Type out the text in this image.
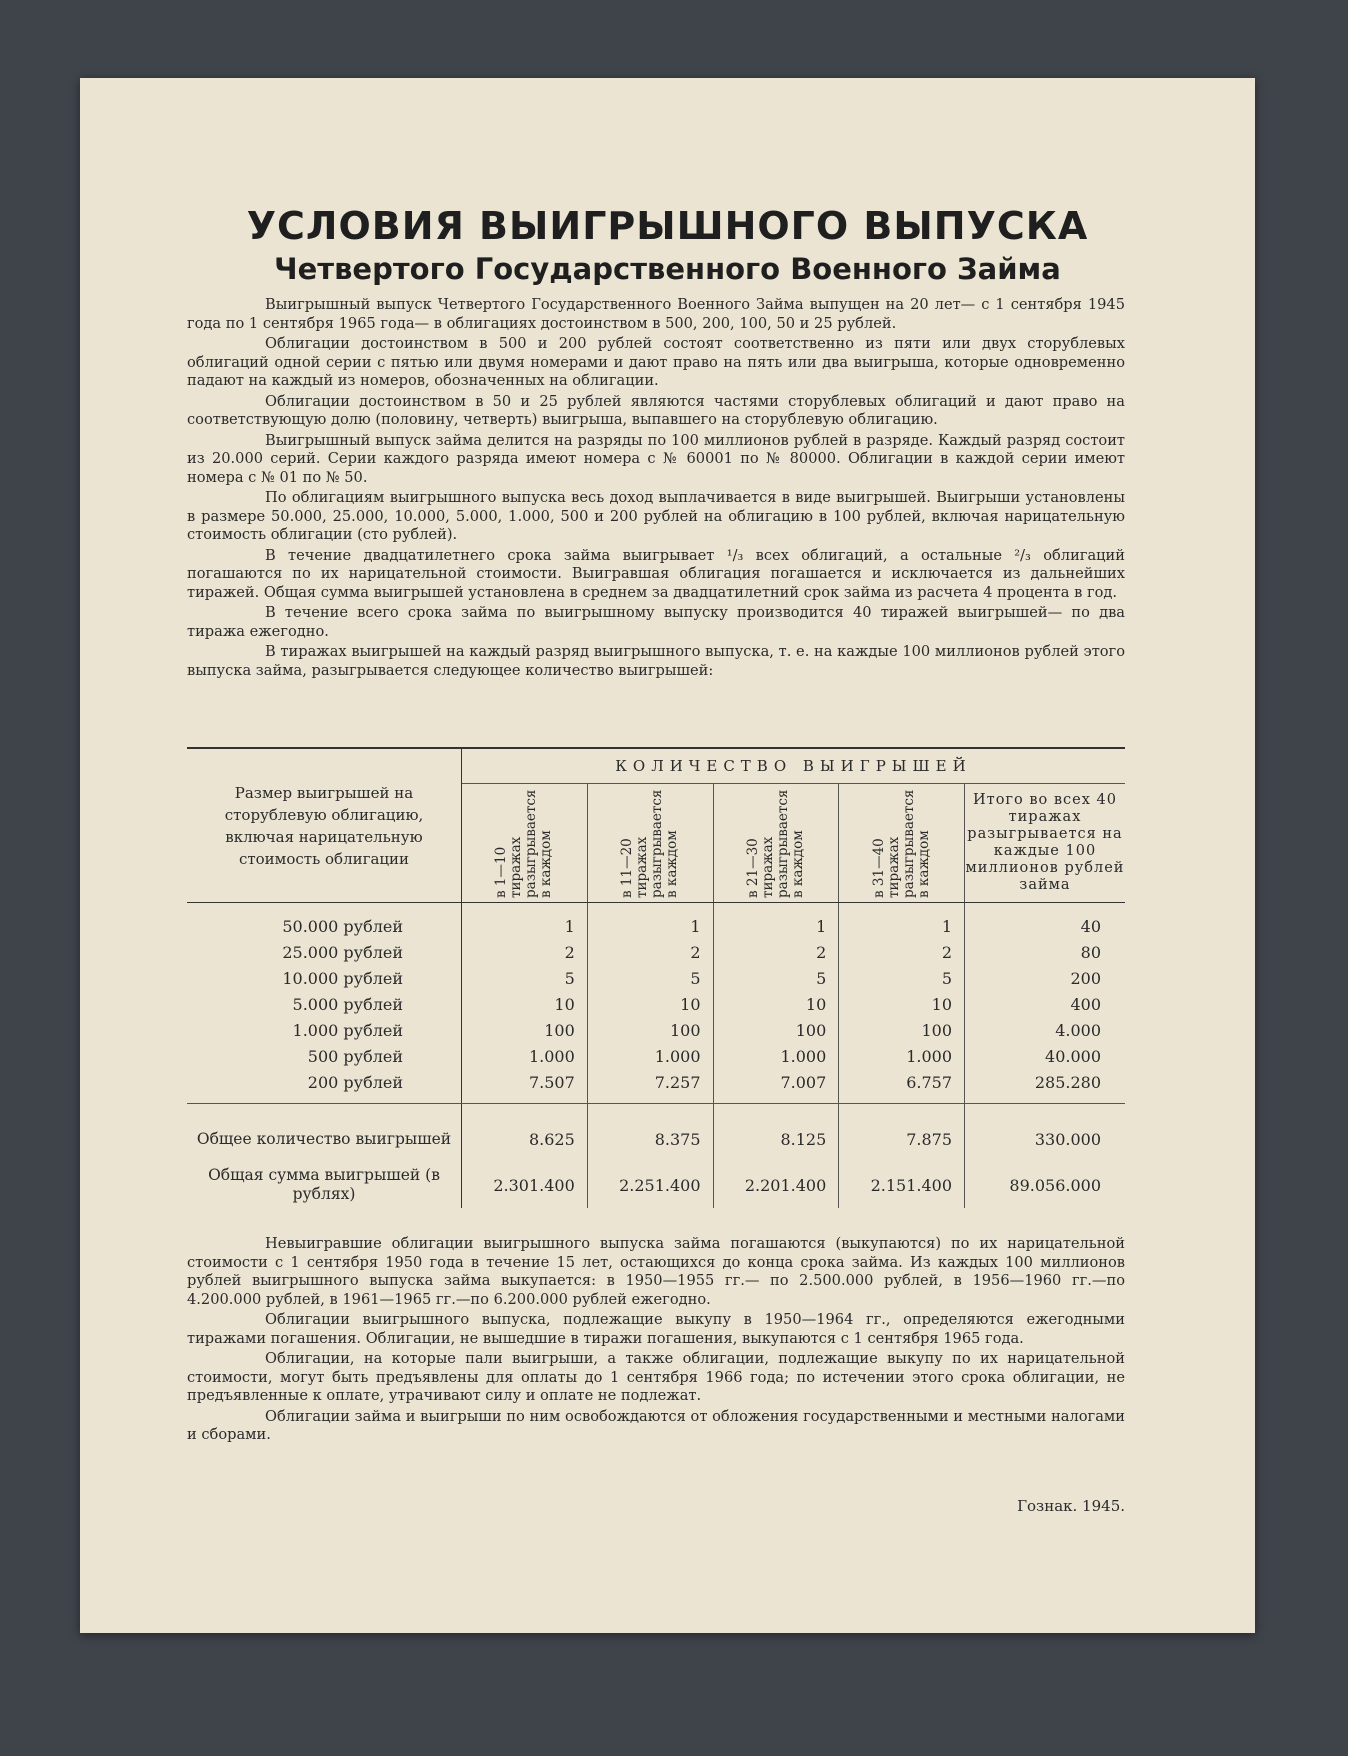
УСЛОВИЯ ВЫИГРЫШНОГО ВЫПУСКА
Четвертого Государственного Военного Займа

Выигрышный выпуск Четвертого Государственного Военного Займа выпущен на 20 лет— с 1 сентября 1945 года по 1 сентября 1965 года— в облигациях достоинством в 500, 200, 100, 50 и 25 рублей.

Облигации достоинством в 500 и 200 рублей состоят соответственно из пяти или двух сторублевых облигаций одной серии с пятью или двумя номерами и дают право на пять или два выигрыша, которые одновременно падают на каждый из номеров, обозначенных на облигации.

Облигации достоинством в 50 и 25 рублей являются частями сторублевых облигаций и дают право на соответствующую долю (половину, четверть) выигрыша, выпавшего на сторублевую облигацию.

Выигрышный выпуск займа делится на разряды по 100 миллионов рублей в разряде. Каждый разряд состоит из 20.000 серий. Серии каждого разряда имеют номера с № 60001 по № 80000. Облигации в каждой серии имеют номера с № 01 по № 50.

По облигациям выигрышного выпуска весь доход выплачивается в виде выигрышей. Выигрыши установлены в размере 50.000, 25.000, 10.000, 5.000, 1.000, 500 и 200 рублей на облигацию в 100 рублей, включая нарицательную стоимость облигации (сто рублей).

В течение двадцатилетнего срока займа выигрывает ¹/₃ всех облигаций, а остальные ²/₃ облигаций погашаются по их нарицательной стоимости. Выигравшая облигация погашается и исключается из дальнейших тиражей. Общая сумма выигрышей установлена в среднем за двадцатилетний срок займа из расчета 4 процента в год.

В течение всего срока займа по выигрышному выпуску производится 40 тиражей выигрышей— по два тиража ежегодно.

В тиражах выигрышей на каждый разряд выигрышного выпуска, т. е. на каждые 100 миллионов рублей этого выпуска займа, разыгрывается следующее количество выигрышей:

Размер выигрышей на сторублевую облигацию, включая нарицательную стоимость облигации	КОЛИЧЕСТВО ВЫИГРЫШЕЙ				
	в 1—10 тиражах разыгрывается в каждом	в 11—20 тиражах разыгрывается в каждом	в 21—30 тиражах разыгрывается в каждом	в 31—40 тиражах разыгрывается в каждом	Итого во всех 40 тиражах разыгрывается на каждые 100 миллионов рублей займа
50.000 рублей	1	1	1	1	40
25.000 рублей	2	2	2	2	80
10.000 рублей	5	5	5	5	200
5.000 рублей	10	10	10	10	400
1.000 рублей	100	100	100	100	4.000
500 рублей	1.000	1.000	1.000	1.000	40.000
200 рублей	7.507	7.257	7.007	6.757	285.280

Общее количество выигрышей	8.625	8.375	8.125	7.875	330.000
Общая сумма выигрышей (в рублях)	2.301.400	2.251.400	2.201.400	2.151.400	89.056.000

Невыигравшие облигации выигрышного выпуска займа погашаются (выкупаются) по их нарицательной стоимости с 1 сентября 1950 года в течение 15 лет, остающихся до конца срока займа. Из каждых 100 миллионов рублей выигрышного выпуска займа выкупается: в 1950—1955 гг.— по 2.500.000 рублей, в 1956—1960 гг.—по 4.200.000 рублей, в 1961—1965 гг.—по 6.200.000 рублей ежегодно.

Облигации выигрышного выпуска, подлежащие выкупу в 1950—1964 гг., определяются ежегодными тиражами погашения. Облигации, не вышедшие в тиражи погашения, выкупаются с 1 сентября 1965 года.

Облигации, на которые пали выигрыши, а также облигации, подлежащие выкупу по их нарицательной стоимости, могут быть предъявлены для оплаты до 1 сентября 1966 года; по истечении этого срока облигации, не предъявленные к оплате, утрачивают силу и оплате не подлежат.

Облигации займа и выигрыши по ним освобождаются от обложения государственными и местными налогами и сборами.

Гознак. 1945.
